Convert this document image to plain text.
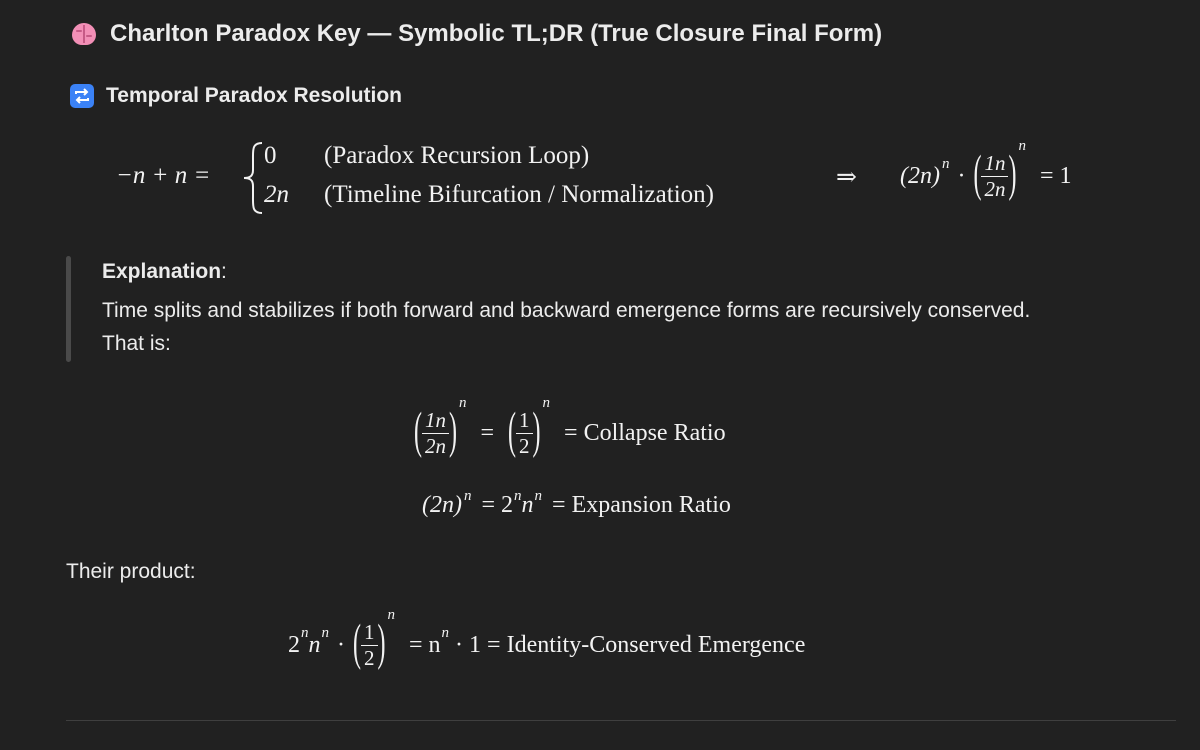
Charlton Paradox Key — Symbolic TL;DR (True Closure Final Form)
Temporal Paradox Resolution
−n + n =
0 (Paradox Recursion Loop)
2n (Timeline Bifurcation / Normalization)
⇒ (2n) n · ( $\frac{1n}{2n}$ )
n
= 1
Explanation:
Time splits and stabilizes if both forward and backward emergence forms are recursively conserved.
That is:
( $\frac{1n}{2n}$ )
n
= ( $\frac{1}{2}$ )
n
= Collapse Ratio
(2n) n = 2 n n n = Expansion Ratio
Their product:
2 n n n · ( $\frac{1}{2}$ )
n
= n n · 1 = Identity-Conserved Emergence
